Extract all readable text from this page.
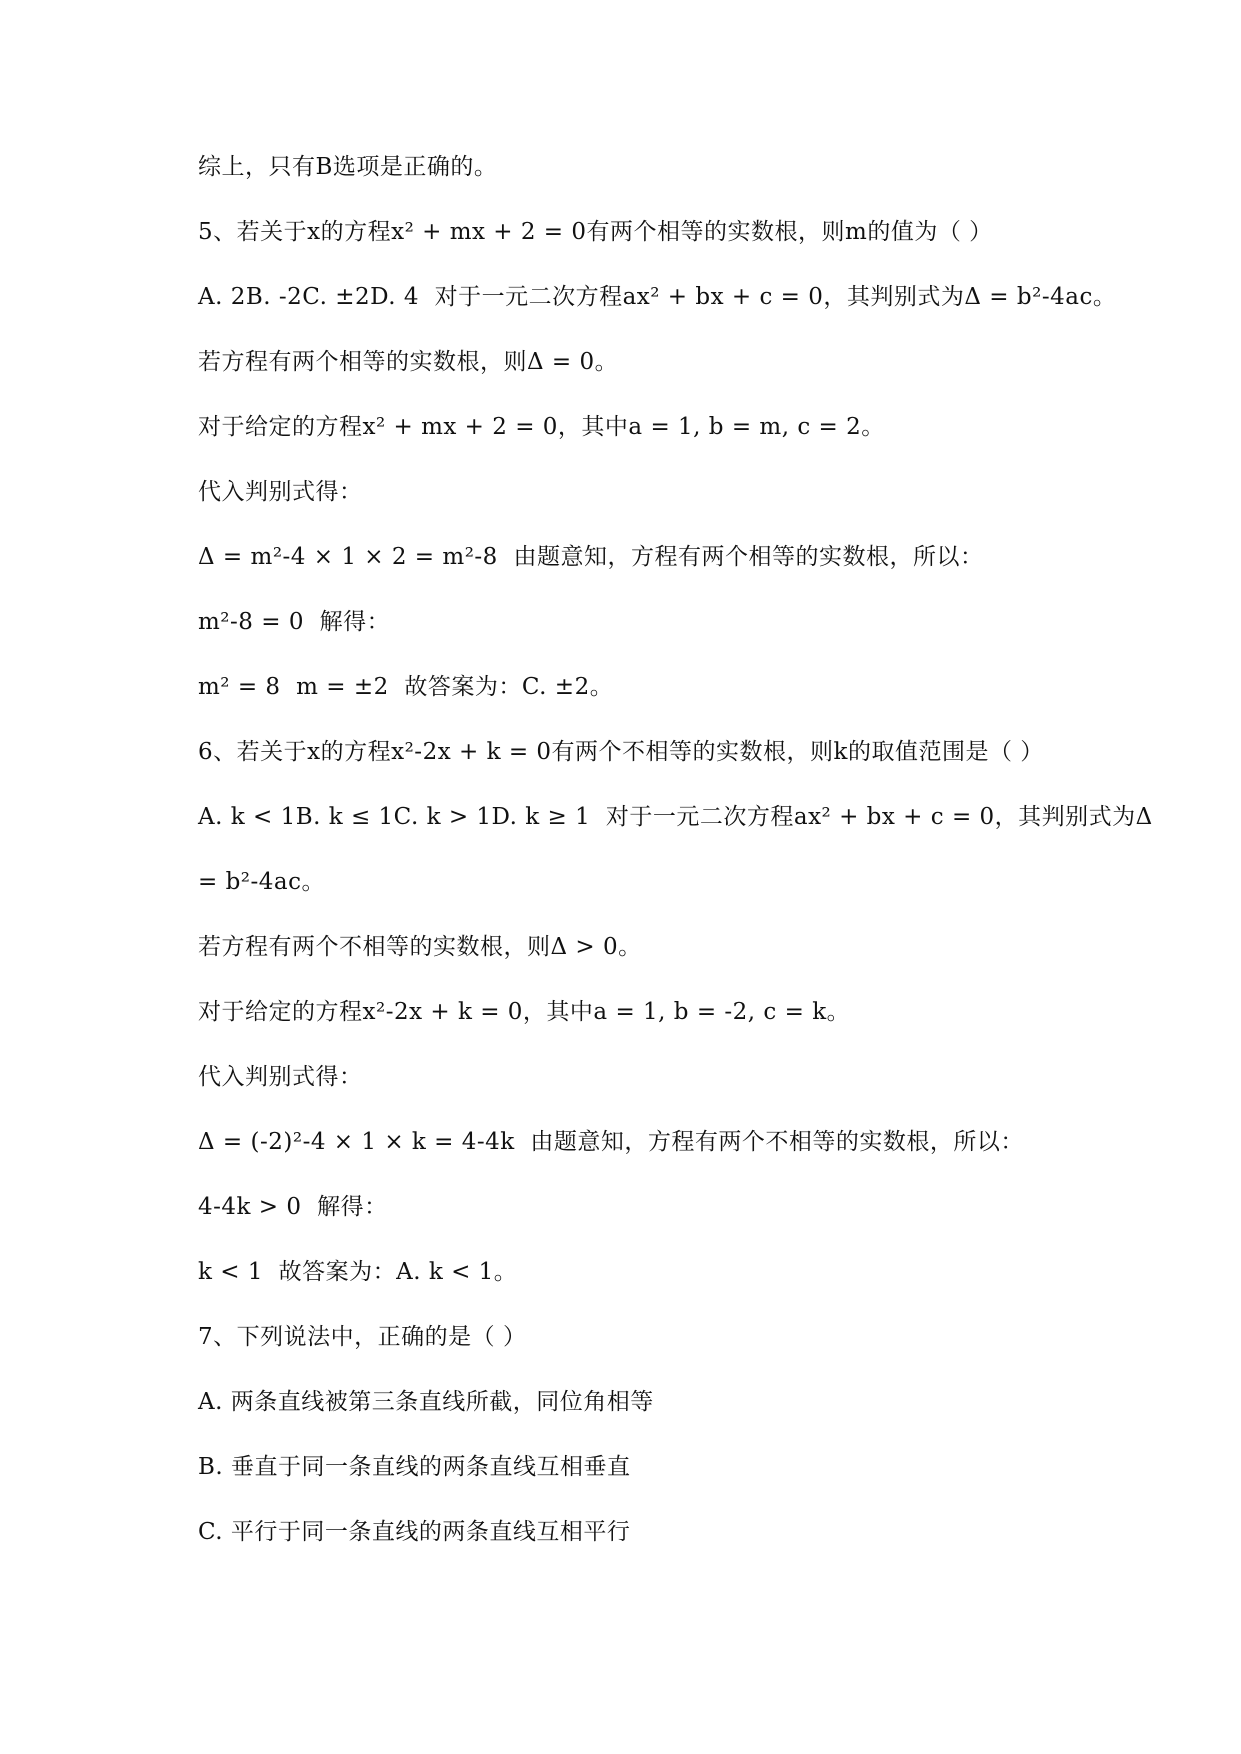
综上，只有B选项是正确的。
5、若关于x的方程x² + mx + 2 = 0有两个相等的实数根，则m的值为（ ）
A. 2B. -2C. ±2D. 4  对于一元二次方程ax² + bx + c = 0，其判别式为Δ = b²-4ac。
若方程有两个相等的实数根，则Δ = 0。
对于给定的方程x² + mx + 2 = 0，其中a = 1, b = m, c = 2。
代入判别式得：
Δ = m²-4 × 1 × 2 = m²-8  由题意知，方程有两个相等的实数根，所以：
m²-8 = 0  解得：
m² = 8  m = ±2  故答案为：C. ±2。
6、若关于x的方程x²-2x + k = 0有两个不相等的实数根，则k的取值范围是（ ）
A. k < 1B. k ≤ 1C. k > 1D. k ≥ 1  对于一元二次方程ax² + bx + c = 0，其判别式为Δ
= b²-4ac。
若方程有两个不相等的实数根，则Δ > 0。
对于给定的方程x²-2x + k = 0，其中a = 1, b = -2, c = k。
代入判别式得：
Δ = (-2)²-4 × 1 × k = 4-4k  由题意知，方程有两个不相等的实数根，所以：
4-4k > 0  解得：
k < 1  故答案为：A. k < 1。
7、下列说法中，正确的是（ ）
A. 两条直线被第三条直线所截，同位角相等
B. 垂直于同一条直线的两条直线互相垂直
C. 平行于同一条直线的两条直线互相平行
